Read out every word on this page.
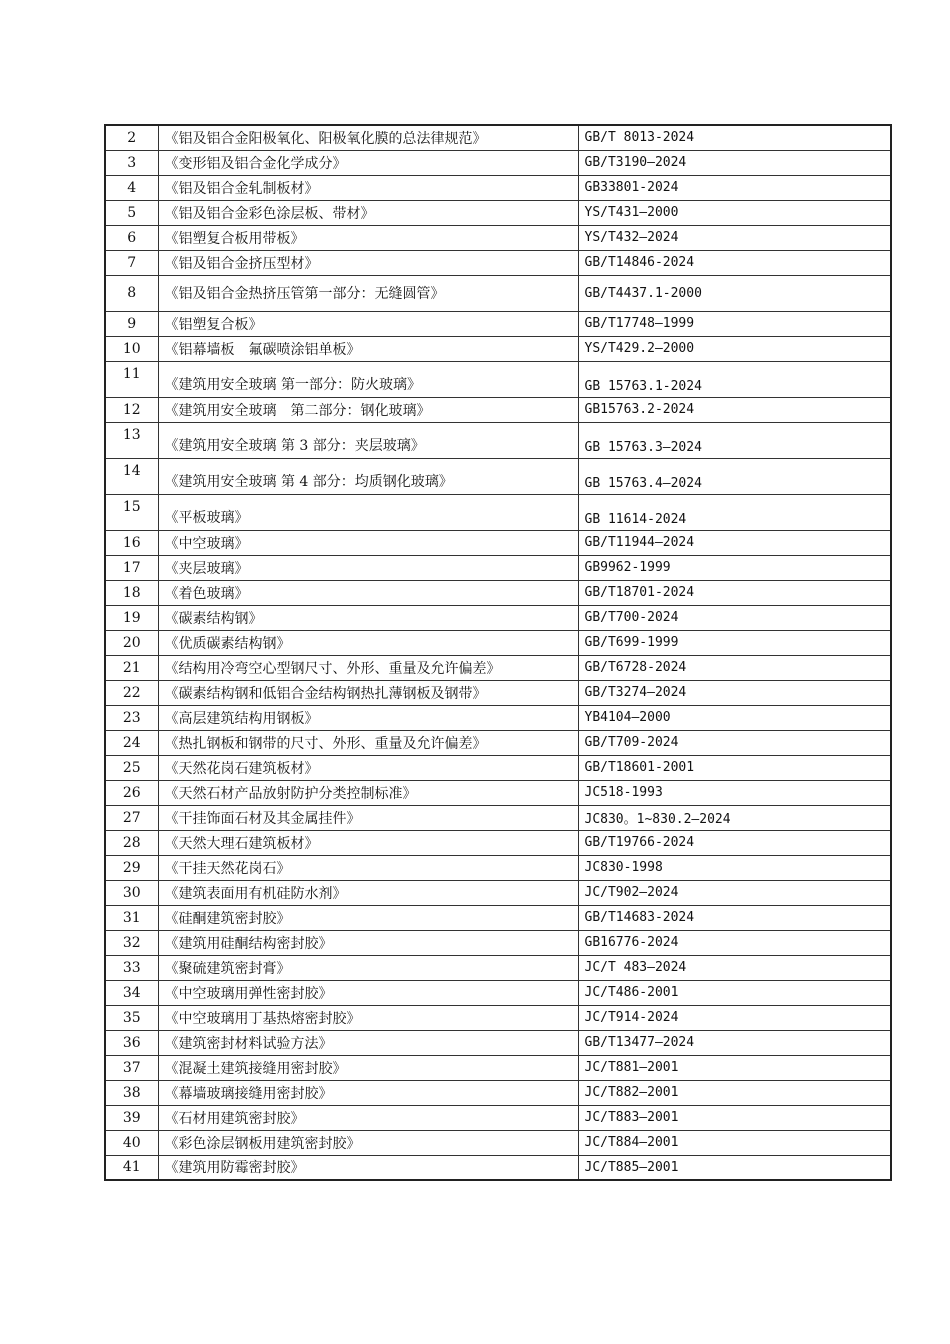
2	《铝及铝合金阳极氧化、阳极氧化膜的总法律规范》	GB/T 8013-2024
3	《变形铝及铝合金化学成分》	GB/T3190—2024
4	《铝及铝合金轧制板材》	GB33801-2024
5	《铝及铝合金彩色涂层板、带材》	YS/T431—2000
6	《铝塑复合板用带板》	YS/T432—2024
7	《铝及铝合金挤压型材》	GB/T14846-2024
8	《铝及铝合金热挤压管第一部分：无缝圆管》	GB/T4437.1-2000
9	《铝塑复合板》	GB/T17748—1999
10	《铝幕墙板　氟碳喷涂铝单板》	YS/T429.2—2000
11	《建筑用安全玻璃 第一部分：防火玻璃》	GB 15763.1-2024
12	《建筑用安全玻璃　第二部分：钢化玻璃》	GB15763.2-2024
13	《建筑用安全玻璃 第 3 部分：夹层玻璃》	GB 15763.3—2024
14	《建筑用安全玻璃 第 4 部分：均质钢化玻璃》	GB 15763.4—2024
15	《平板玻璃》	GB 11614-2024
16	《中空玻璃》	GB/T11944—2024
17	《夹层玻璃》	GB9962-1999
18	《着色玻璃》	GB/T18701-2024
19	《碳素结构钢》	GB/T700-2024
20	《优质碳素结构钢》	GB/T699-1999
21	《结构用冷弯空心型钢尺寸、外形、重量及允许偏差》	GB/T6728-2024
22	《碳素结构钢和低铝合金结构钢热扎薄钢板及钢带》	GB/T3274—2024
23	《高层建筑结构用钢板》	YB4104—2000
24	《热扎钢板和钢带的尺寸、外形、重量及允许偏差》	GB/T709-2024
25	《天然花岗石建筑板材》	GB/T18601-2001
26	《天然石材产品放射防护分类控制标准》	JC518-1993
27	《干挂饰面石材及其金属挂件》	JC830。1~830.2—2024
28	《天然大理石建筑板材》	GB/T19766-2024
29	《干挂天然花岗石》	JC830-1998
30	《建筑表面用有机硅防水剂》	JC/T902—2024
31	《硅酮建筑密封胶》	GB/T14683-2024
32	《建筑用硅酮结构密封胶》	GB16776-2024
33	《聚硫建筑密封膏》	JC/T 483—2024
34	《中空玻璃用弹性密封胶》	JC/T486-2001
35	《中空玻璃用丁基热熔密封胶》	JC/T914-2024
36	《建筑密封材料试验方法》	GB/T13477—2024
37	《混凝土建筑接缝用密封胶》	JC/T881—2001
38	《幕墙玻璃接缝用密封胶》	JC/T882—2001
39	《石材用建筑密封胶》	JC/T883—2001
40	《彩色涂层钢板用建筑密封胶》	JC/T884—2001
41	《建筑用防霉密封胶》	JC/T885—2001
